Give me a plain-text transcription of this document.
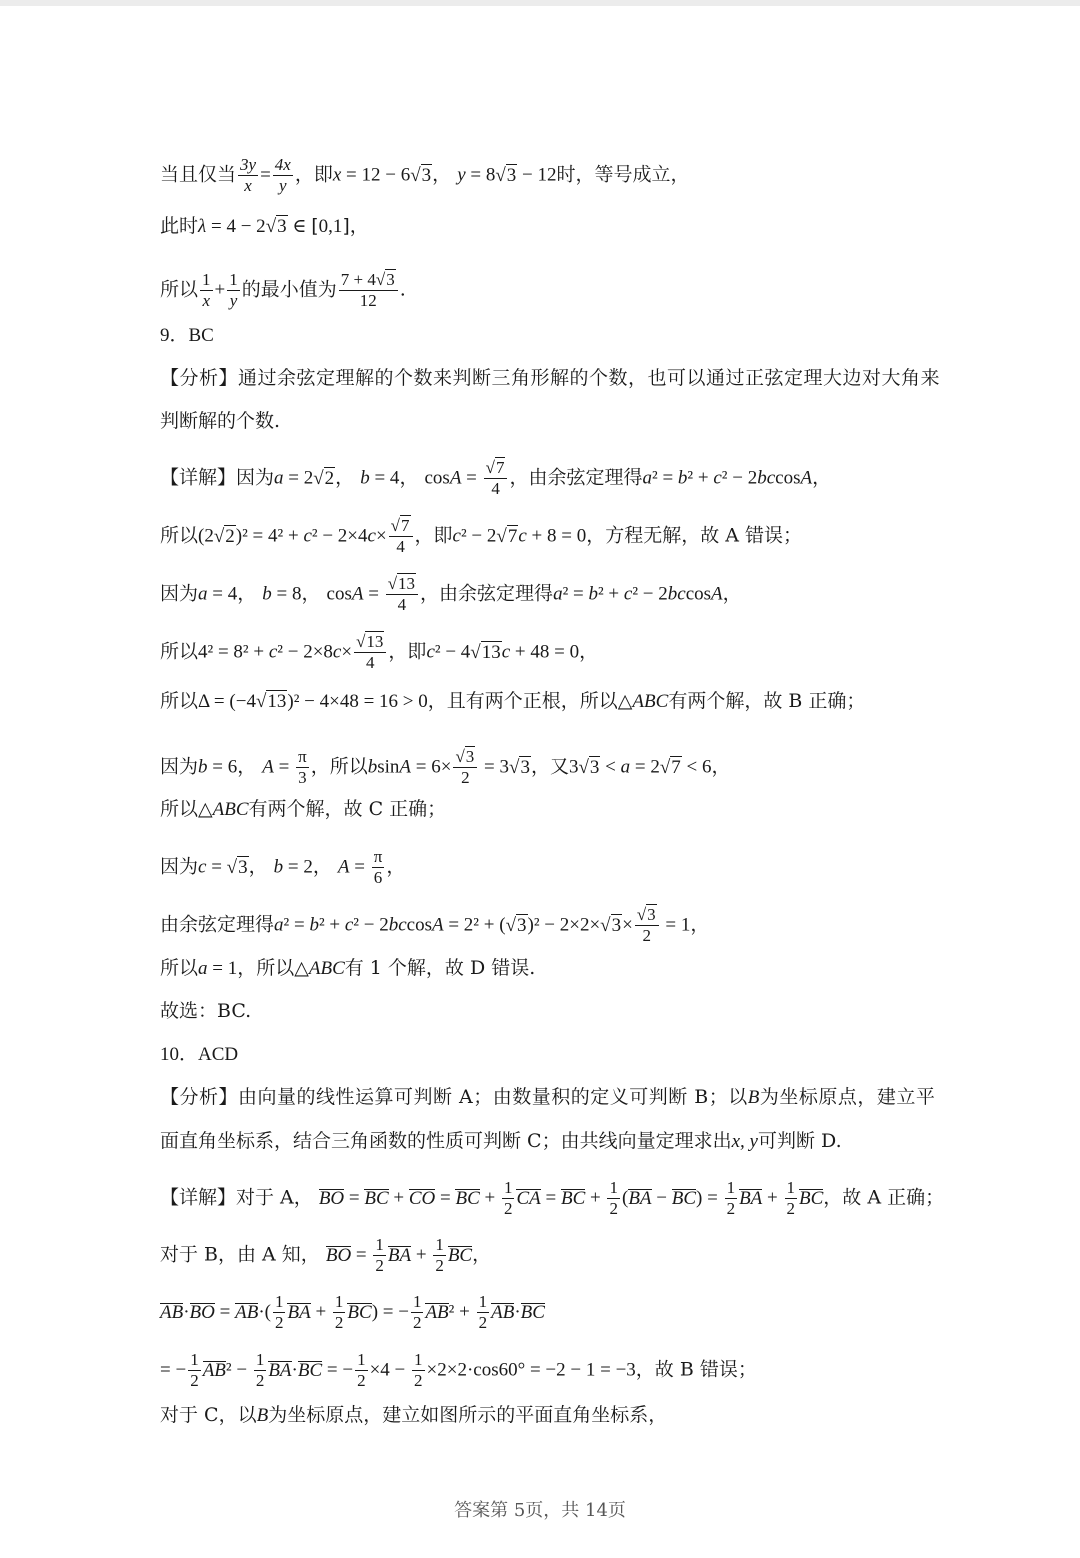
当且仅当 $\frac{3y}{x} = \frac{4x}{y}$ ，即x = 12 − 6√3， y = 8√3 − 12时，等号成立，
此时λ = 4 − 2√3 ∈ [0,1]，
所以 $\frac{1}{x} + \frac{1}{y}$ 的最小值为 $\frac{7 + 4√3}{12}$ .
9．BC
【分析】通过余弦定理解的个数来判断三角形解的个数，也可以通过正弦定理大边对大角来
判断解的个数.
【详解】因为a = 2√2， b = 4， $\cos A = \frac{√7}{4}$ ，由余弦定理得a² = b² + c² − 2bccosA，
所以$(2√2)^2 = 4^2 + c^2 - 2\times 4c\times \frac{√7}{4}$ ，即c² − 2√7c + 8 = 0，方程无解，故 A 错误；
因为a = 4， b = 8， $\cos A = \frac{√13}{4}$ ，由余弦定理得a² = b² + c² − 2bccosA，
所以$4^2 = 8^2 + c^2 - 2\times 8c\times \frac{√13}{4}$ ，即c² − 4√13c + 48 = 0，
所以Δ = (−4√13)² − 4×48 = 16 > 0，且有两个正根，所以△ABC有两个解，故 B 正确；
因为b = 6， $A = \frac{\pi}{3}$ ，所以$bsinA = 6\times \frac{√3}{2} = 3√3$，又3√3 < a = 2√7 < 6，
所以△ABC有两个解，故 C 正确；
因为c = √3， b = 2， $A = \frac{\pi}{6}$ ，
由余弦定理得$a^2 = b^2 + c^2 - 2bccosA = 2^2 + (√3)^2 - 2\times 2\times√3\times \frac{√3}{2} = 1$，
所以a = 1，所以△ABC有 1 个解，故 D 错误.
故选：BC.
10．ACD
【分析】由向量的线性运算可判断 A；由数量积的定义可判断 B；以B为坐标原点，建立平
面直角坐标系，结合三角函数的性质可判断 C；由共线向量定理求出x, y可判断 D.
【详解】对于 A， BO = BC + CO = BC + $\frac{1}{2}$ CA = BC + $\frac{1}{2} (BA - BC) = \frac{1}{2}$ BA + $\frac{1}{2}$ BC，故 A 正确；
对于 B，由 A 知， BO = $\frac{1}{2}$ BA + $\frac{1}{2}$ BC，
$AB\cdot BO = AB\cdot( \frac{1}{2}$ BA + $\frac{1}{2} BC$) = − $\frac{1}{2} AB^2 + \frac{1}{2} AB\cdot BC$
= − $\frac{1}{2} AB^2 - \frac{1}{2} BA\cdot BC$ = − $\frac{1}{2} \times 4 - \frac{1}{2} \times 2\times 2\cdot\cos 60^\circ = -2 - 1 = -3$，故 B 错误；
对于 C，以B为坐标原点，建立如图所示的平面直角坐标系，
答案第 5页，共 14页
